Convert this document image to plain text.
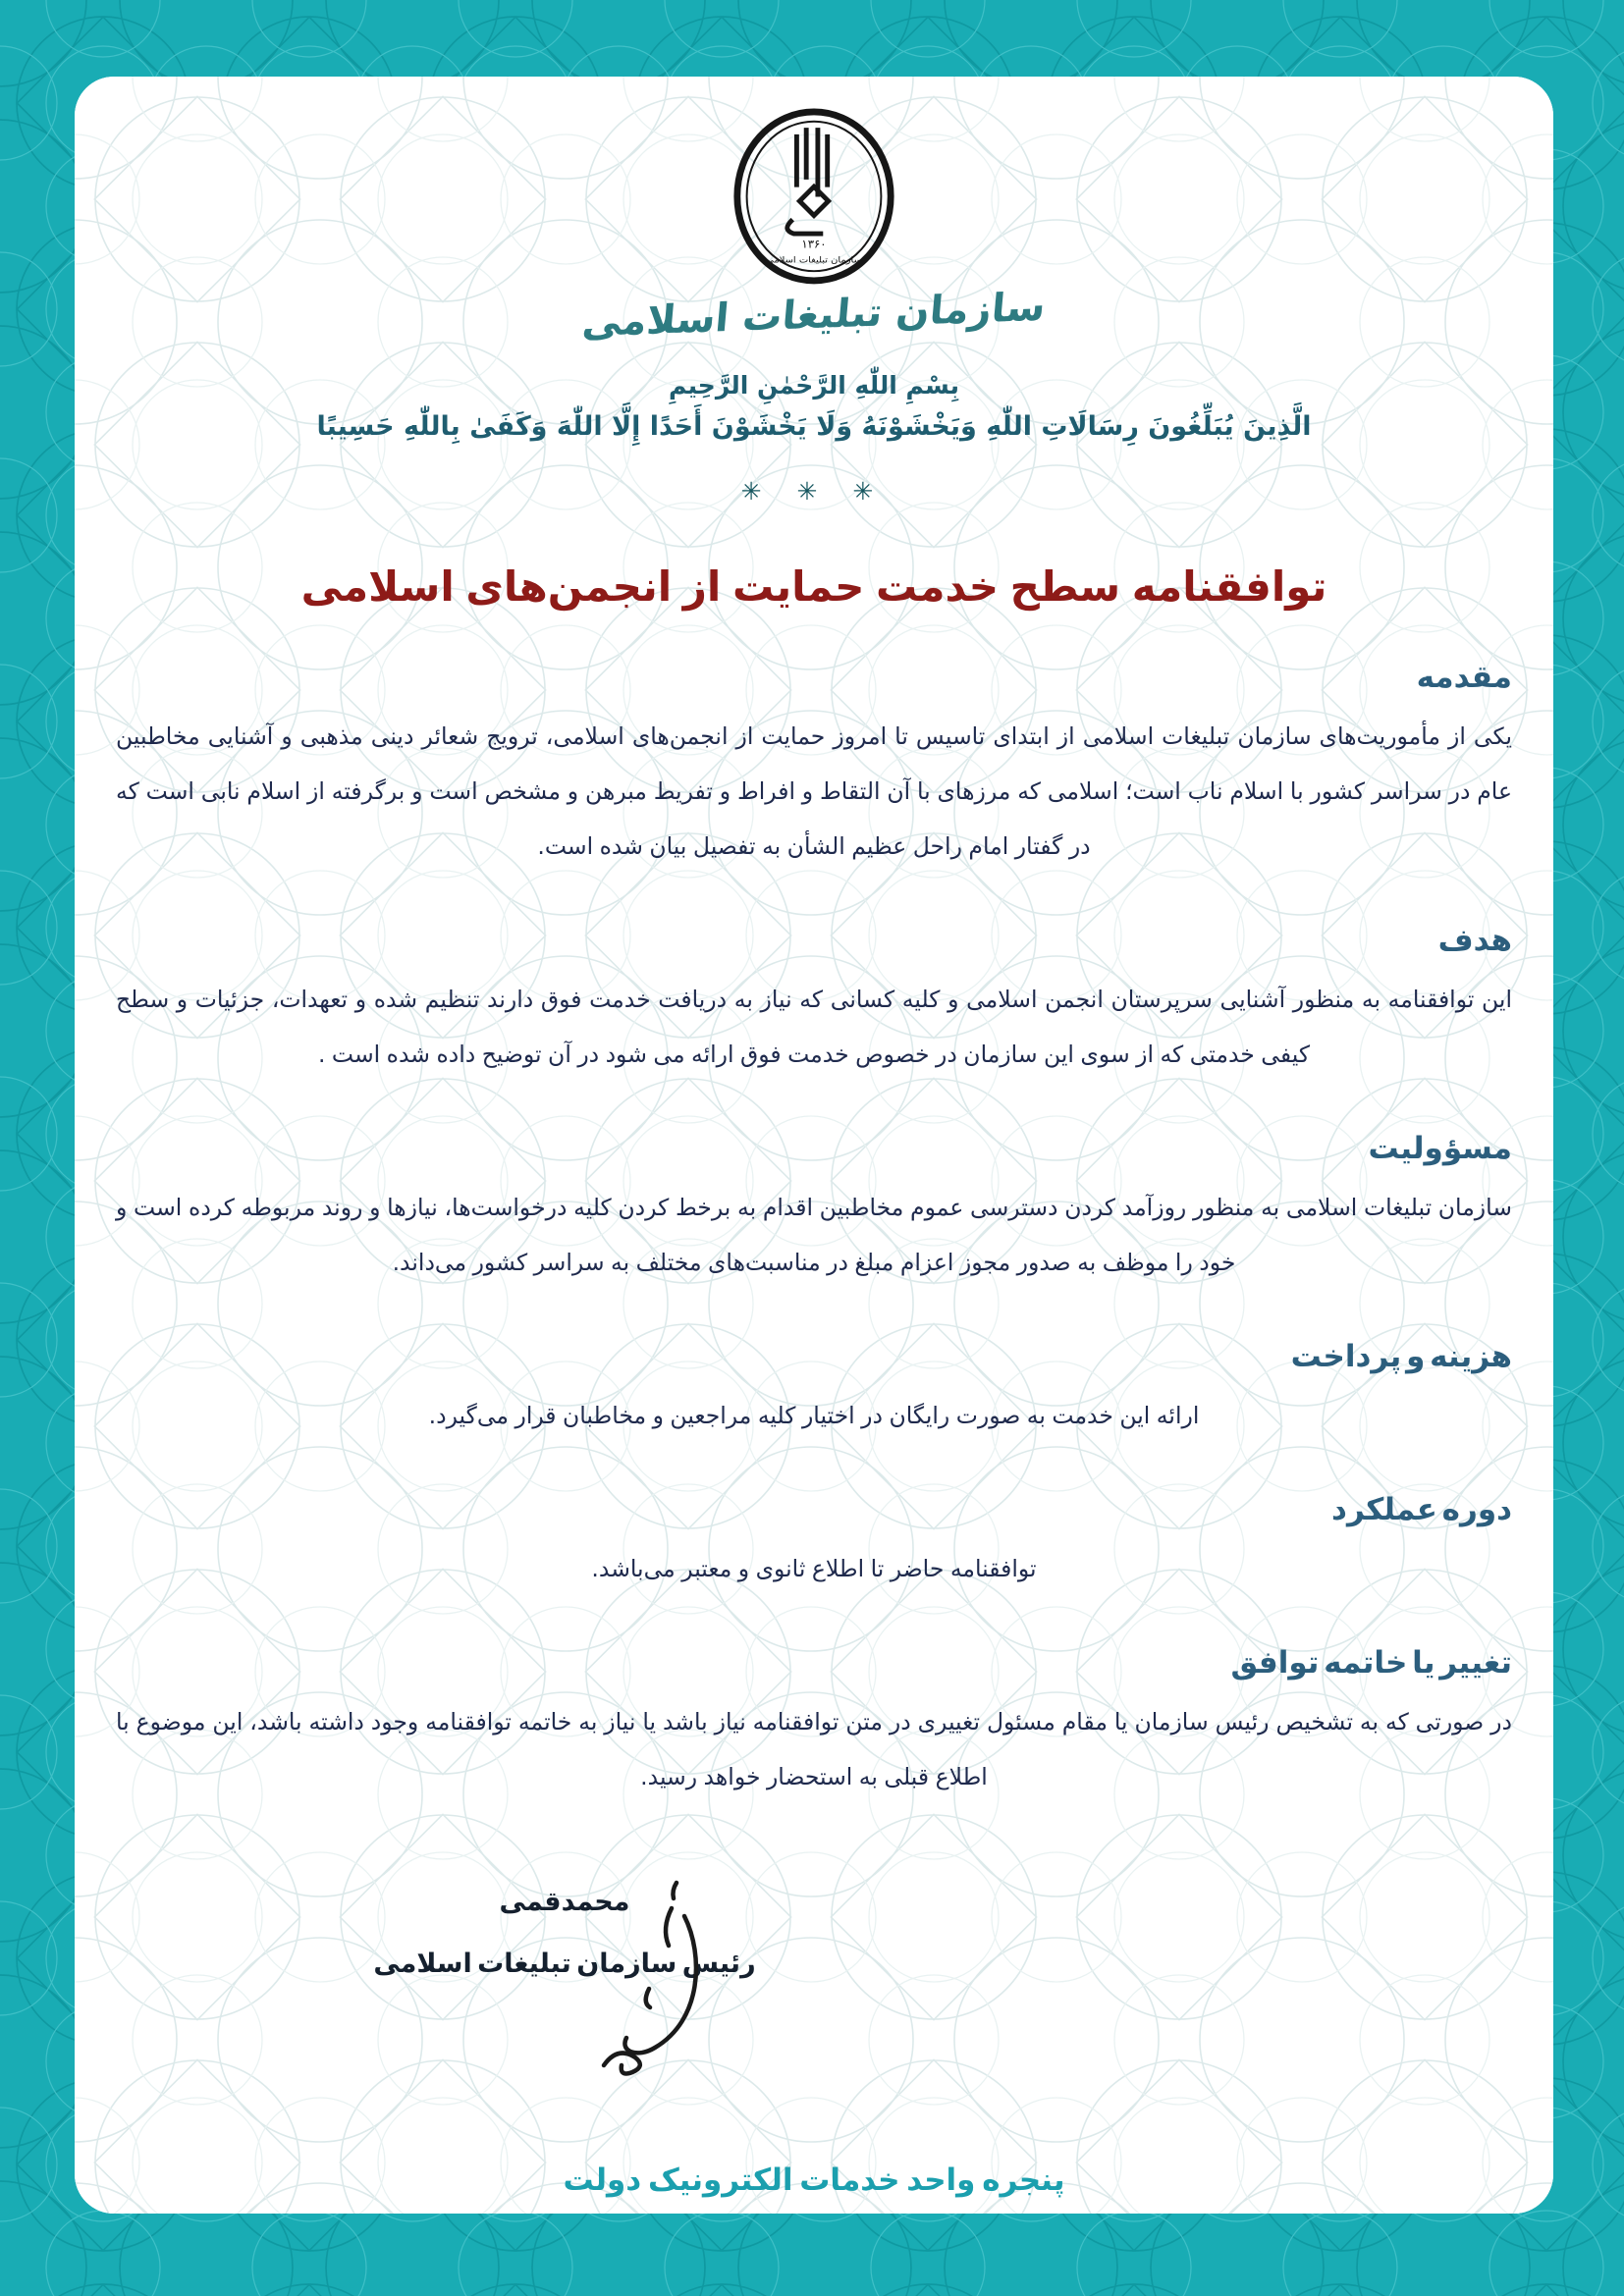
۱۳۶۰
سازمان تبلیغات اسلامی
سازمان تبلیغات اسلامی
بِسْمِ اللّٰهِ الرَّحْمٰنِ الرَّحِيمِ
الَّذِينَ يُبَلِّغُونَ رِسَالَاتِ اللّٰهِ وَيَخْشَوْنَهُ وَلَا يَخْشَوْنَ أَحَدًا إِلَّا اللّٰهَ وَكَفَىٰ بِاللّٰهِ حَسِيبًا
✳ ✳ ✳
توافقنامه سطح خدمت حمایت از انجمن‌های اسلامی
مقدمه
یکی از مأموریت‌های سازمان تبلیغات اسلامی از ابتدای تاسیس تا امروز حمایت از انجمن‌های اسلامی، ترویج شعائر دینی مذهبی و آشنایی مخاطبین عام در سراسر کشور با اسلام ناب است؛ اسلامی که مرزهای با آن التقاط و افراط و تفریط مبرهن و مشخص است و برگرفته از اسلام نابی است که در گفتار امام راحل عظیم الشأن به تفصیل بیان شده است.
هدف
این توافقنامه به منظور آشنایی سرپرستان انجمن اسلامی و کلیه کسانی که نیاز به دریافت خدمت فوق دارند تنظیم شده و تعهدات، جزئیات و سطح کیفی خدمتی که از سوی این سازمان در خصوص خدمت فوق ارائه می شود در آن توضیح داده شده است .
مسؤولیت
سازمان تبلیغات اسلامی به منظور روزآمد کردن دسترسی عموم مخاطبین اقدام به برخط کردن کلیه درخواست‌ها، نیازها و روند مربوطه کرده است و خود را موظف به صدور مجوز اعزام مبلغ در مناسبت‌های مختلف به سراسر کشور می‌داند.
هزینه و پرداخت
ارائه این خدمت به صورت رایگان در اختیار کلیه مراجعین و مخاطبان قرار می‌گیرد.
دوره عملکرد
توافقنامه حاضر تا اطلاع ثانوی و معتبر می‌باشد.
تغییر یا خاتمه توافق
در صورتی که به تشخیص رئیس سازمان یا مقام مسئول تغییری در متن توافقنامه نیاز باشد یا نیاز به خاتمه توافقنامه وجود داشته باشد، این موضوع با اطلاع قبلی به استحضار خواهد رسید.
محمدقمی
رئیس سازمان تبلیغات اسلامی
پنجره واحد خدمات الکترونیک دولت
